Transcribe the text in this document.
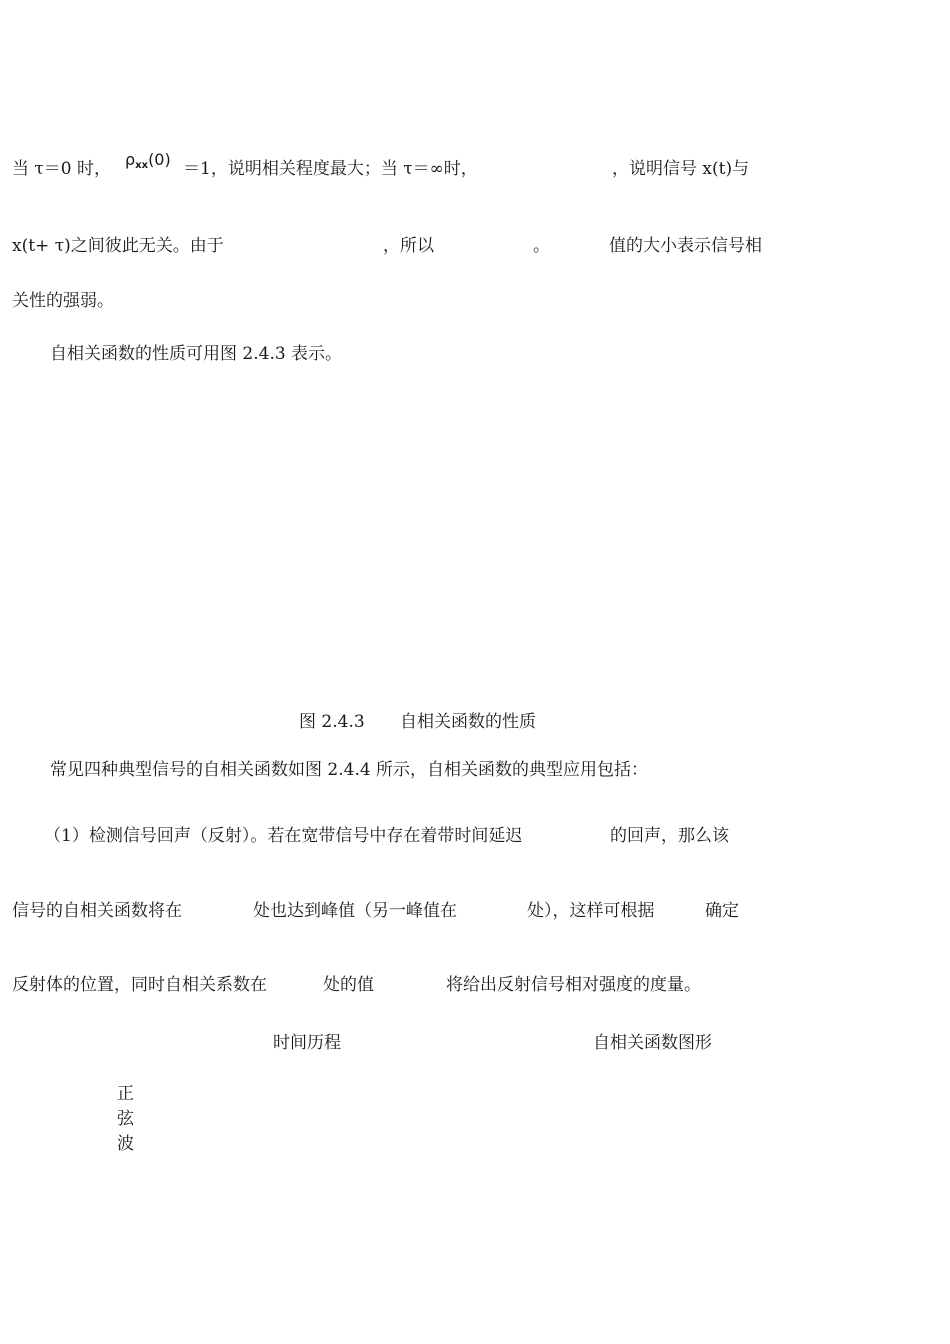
当 τ＝0 时， $\rho_{xx}(0) =1$，说明相关程度最大；当 τ＝∞时，	，说明信号 x(t)与
x(t+ τ)之间彼此无关。由于	，所以	。	值的大小表示信号相
关性的强弱。
自相关函数的性质可用图 2.4.3 表示。
图 2.4.3 自相关函数的性质
常见四种典型信号的自相关函数如图 2.4.4 所示，自相关函数的典型应用包括：
（1）检测信号回声（反射）。若在宽带信号中存在着带时间延迟	的回声，那么该
信号的自相关函数将在	处也达到峰值（另一峰值在	处），这样可根据	确定
反射体的位置，同时自相关系数在	处的值	将给出反射信号相对强度的度量。
时间历程	自相关函数图形
正
弦
波
